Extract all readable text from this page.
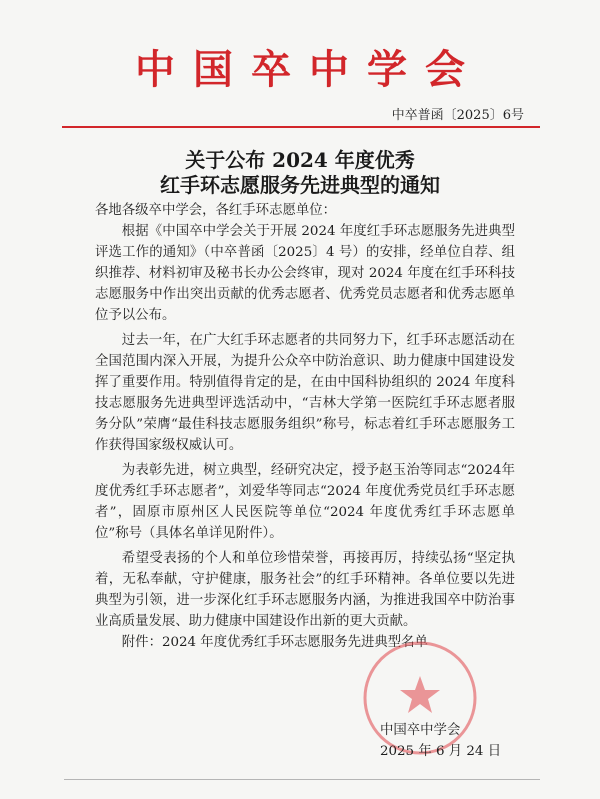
中国卒中学会
中卒普函〔2025〕6号
关于公布 2024 年度优秀
红手环志愿服务先进典型的通知

各地各级卒中学会，各红手环志愿单位：

根据《中国卒中学会关于开展 2024 年度红手环志愿服务先进典型评选工作的通知》（中卒普函〔2025〕4 号）的安排，经单位自荐、组织推荐、材料初审及秘书长办公会终审，现对 2024 年度在红手环科技志愿服务中作出突出贡献的优秀志愿者、优秀党员志愿者和优秀志愿单位予以公布。

过去一年，在广大红手环志愿者的共同努力下，红手环志愿活动在全国范围内深入开展，为提升公众卒中防治意识、助力健康中国建设发挥了重要作用。特别值得肯定的是，在由中国科协组织的 2024 年度科技志愿服务先进典型评选活动中，“吉林大学第一医院红手环志愿者服务分队”荣膺“最佳科技志愿服务组织”称号，标志着红手环志愿服务工作获得国家级权威认可。

为表彰先进，树立典型，经研究决定，授予赵玉治等同志“2024年度优秀红手环志愿者”，刘爱华等同志“2024 年度优秀党员红手环志愿者”，固原市原州区人民医院等单位“2024 年度优秀红手环志愿单位”称号（具体名单详见附件）。

希望受表扬的个人和单位珍惜荣誉，再接再厉，持续弘扬“坚定执着，无私奉献，守护健康，服务社会”的红手环精神。各单位要以先进典型为引领，进一步深化红手环志愿服务内涵，为推进我国卒中防治事业高质量发展、助力健康中国建设作出新的更大贡献。

附件：2024 年度优秀红手环志愿服务先进典型名单

中国卒中学会
2025 年 6 月 24 日
